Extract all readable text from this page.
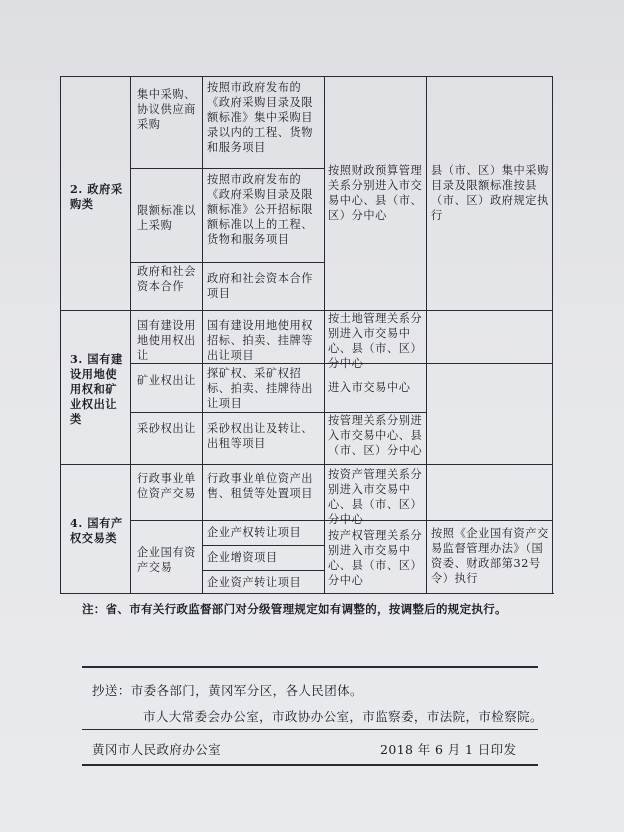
2. 政府采购类
集中采购、协议供应商采购
按照市政府发布的《政府采购目录及限额标准》集中采购目录以内的工程、货物和服务项目
限额标准以上采购
按照市政府发布的《政府采购目录及限额标准》公开招标限额标准以上的工程、货物和服务项目
政府和社会资本合作
政府和社会资本合作项目
按照财政预算管理关系分别进入市交易中心、县（市、区）分中心
县（市、区）集中采购目录及限额标准按县（市、区）政府规定执行
3. 国有建设用地使用权和矿业权出让类
国有建设用地使用权出让
国有建设用地使用权招标、拍卖、挂牌等出让项目
按土地管理关系分别进入市交易中心、县（市、区）分中心
矿业权出让
探矿权、采矿权招标、拍卖、挂牌待出让项目
进入市交易中心
采砂权出让 采砂权出让及转让、出租等项目
按管理关系分别进入市交易中心、县（市、区）分中心
4. 国有产权交易类
行政事业单位资产交易
行政事业单位资产出售、租赁等处置项目
按资产管理关系分别进入市交易中心、县（市、区）分中心
企业国有资产交易
企业产权转让项目
企业增资项目
企业资产转让项目
按产权管理关系分别进入市交易中心、县（市、区）分中心
按照《企业国有资产交易监督管理办法》（国资委、财政部第32号令）执行
注：省、市有关行政监督部门对分级管理规定如有调整的，按调整后的规定执行。
抄送：市委各部门，黄冈军分区，各人民团体。
市人大常委会办公室，市政协办公室，市监察委，市法院，市检察院。
黄冈市人民政府办公室	2018 年 6 月 1 日印发
